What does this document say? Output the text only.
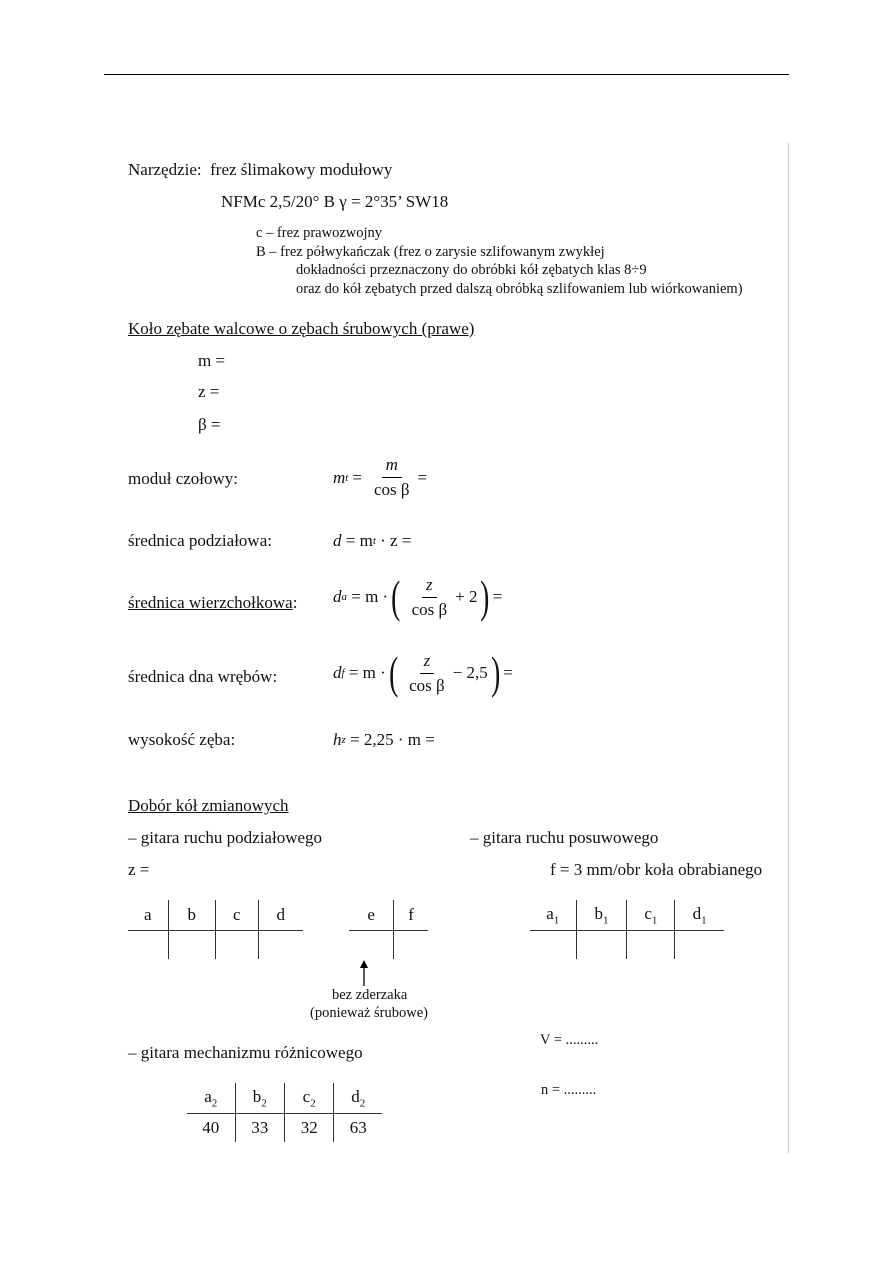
Narzędzie: frez ślimakowy modułowy
NFMc 2,5/20° B γ = 2°35’ SW18
c – frez prawozwojny
B – frez półwykańczak (frez o zarysie szlifowanym zwykłej
dokładności przeznaczony do obróbki kół zębatych klas 8÷9
oraz do kół zębatych przed dalszą obróbką szlifowaniem lub wiórkowaniem)
Koło zębate walcowe o zębach śrubowych (prawe)
m =
z =
β =
moduł czołowy:	m $t = \frac{m}{\text{cos β}}$ =
średnica podziałowa:	d
= m t
· z =
średnica wierzchołkowa: d a
= m · ( $\frac{z}{\text{cos β}} + 2$ ) =
średnica dna wrębów:	d f
= m · ( $\frac{z}{\text{cos β}} - 2,5$ ) =
wysokość zęba:	h z
= 2,25 · m =
Dobór kół zmianowych
– gitara ruchu podziałowego	– gitara ruchu posuwowego
z =	f = 3 mm/obr koła obrabianego
a	b	c	d
				e	f
		$a_1$	$b_1$	$c_1$	$d_1$

bez zderzaka
(ponieważ śrubowe)
V = .........
n = .........
– gitara mechanizmu różnicowego
$a_2$	$b_2$	$c_2$	$d_2$
40	33	32	63
